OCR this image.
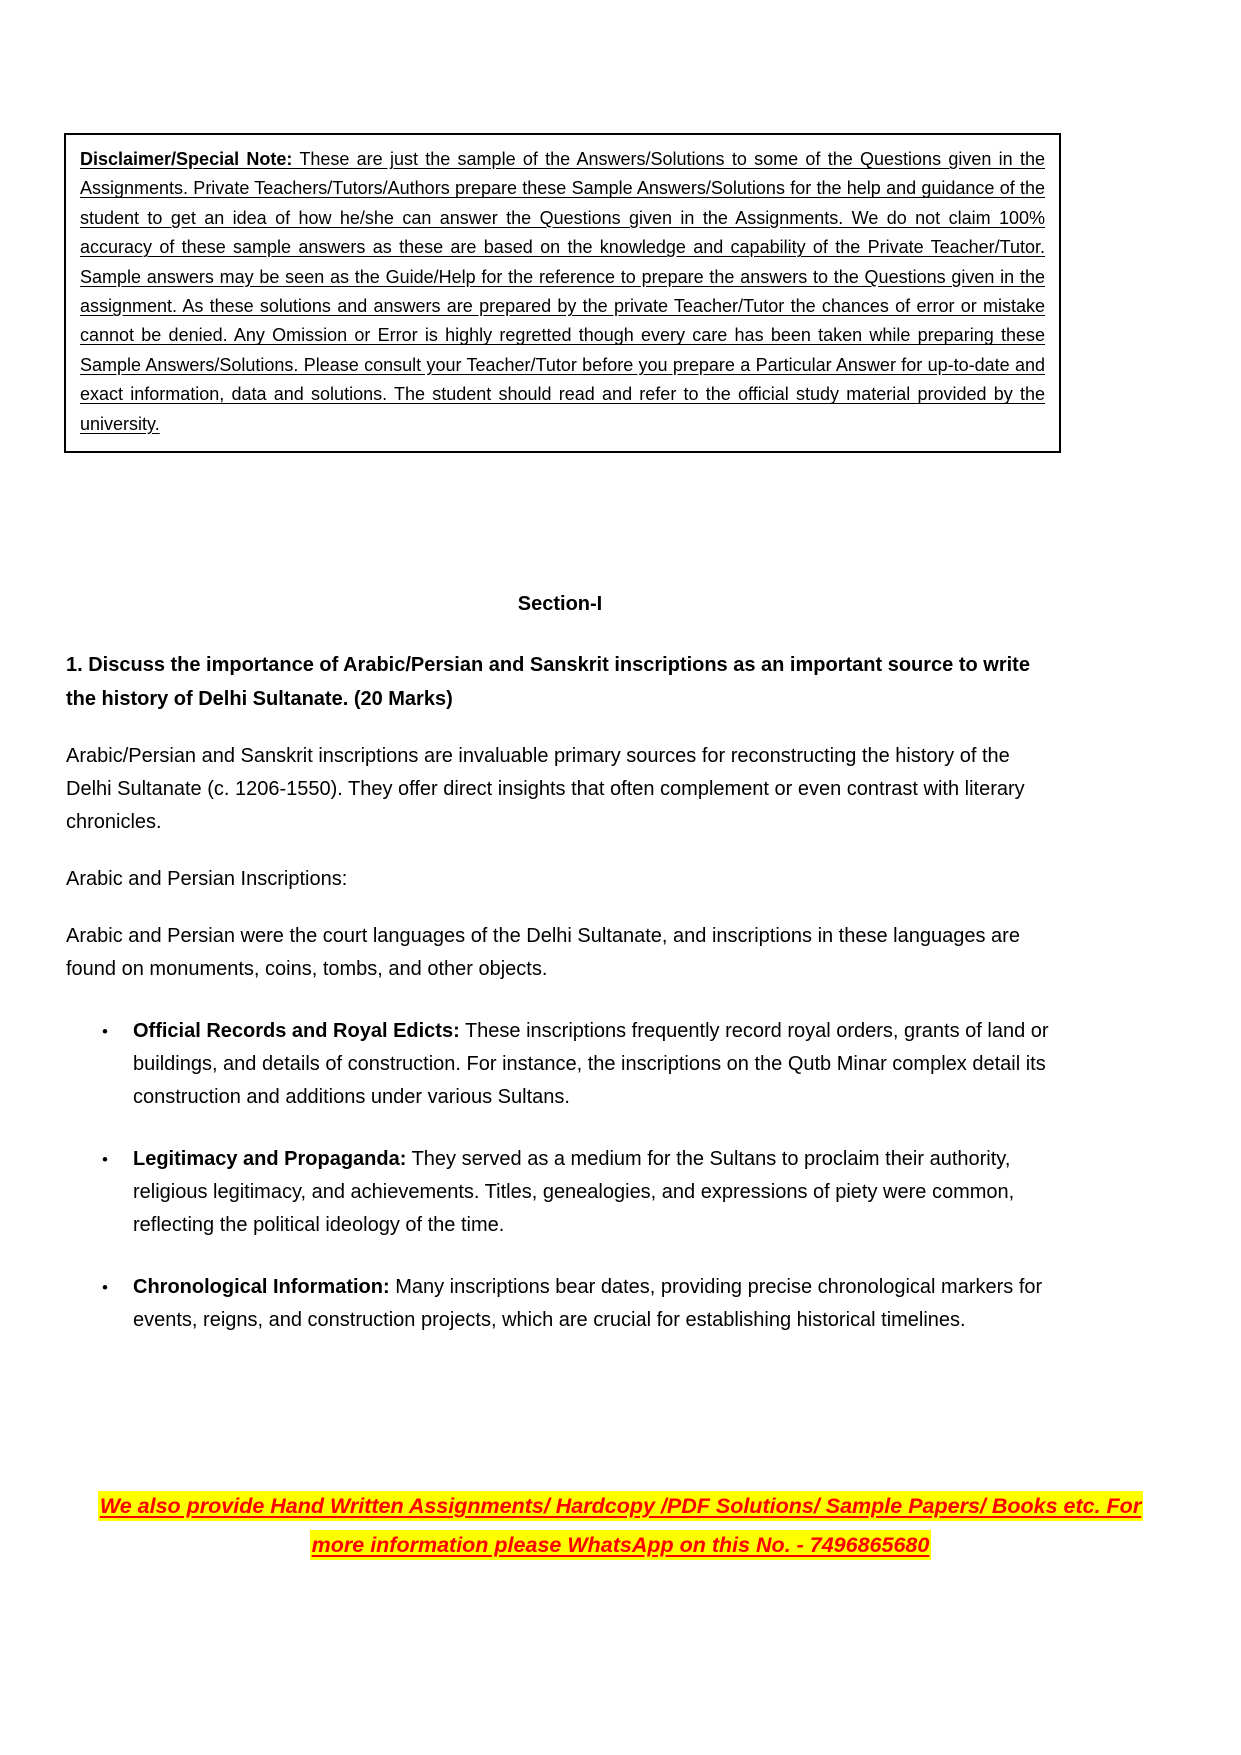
Disclaimer/Special Note: These are just the sample of the Answers/Solutions to some of the Questions given in the Assignments. Private Teachers/Tutors/Authors prepare these Sample Answers/Solutions for the help and guidance of the student to get an idea of how he/she can answer the Questions given in the Assignments. We do not claim 100% accuracy of these sample answers as these are based on the knowledge and capability of the Private Teacher/Tutor. Sample answers may be seen as the Guide/Help for the reference to prepare the answers to the Questions given in the assignment. As these solutions and answers are prepared by the private Teacher/Tutor the chances of error or mistake cannot be denied. Any Omission or Error is highly regretted though every care has been taken while preparing these Sample Answers/Solutions. Please consult your Teacher/Tutor before you prepare a Particular Answer for up-to-date and exact information, data and solutions. The student should read and refer to the official study material provided by the university.
Section-I
1. Discuss the importance of Arabic/Persian and Sanskrit inscriptions as an important source to write the history of Delhi Sultanate. (20 Marks)
Arabic/Persian and Sanskrit inscriptions are invaluable primary sources for reconstructing the history of the Delhi Sultanate (c. 1206-1550). They offer direct insights that often complement or even contrast with literary chronicles.
Arabic and Persian Inscriptions:
Arabic and Persian were the court languages of the Delhi Sultanate, and inscriptions in these languages are found on monuments, coins, tombs, and other objects.
• Official Records and Royal Edicts: These inscriptions frequently record royal orders, grants of land or buildings, and details of construction. For instance, the inscriptions on the Qutb Minar complex detail its construction and additions under various Sultans.
• Legitimacy and Propaganda: They served as a medium for the Sultans to proclaim their authority, religious legitimacy, and achievements. Titles, genealogies, and expressions of piety were common, reflecting the political ideology of the time.
• Chronological Information: Many inscriptions bear dates, providing precise chronological markers for events, reigns, and construction projects, which are crucial for establishing historical timelines.
We also provide Hand Written Assignments/ Hardcopy /PDF Solutions/ Sample Papers/ Books etc. For more information please WhatsApp on this No. - 7496865680
